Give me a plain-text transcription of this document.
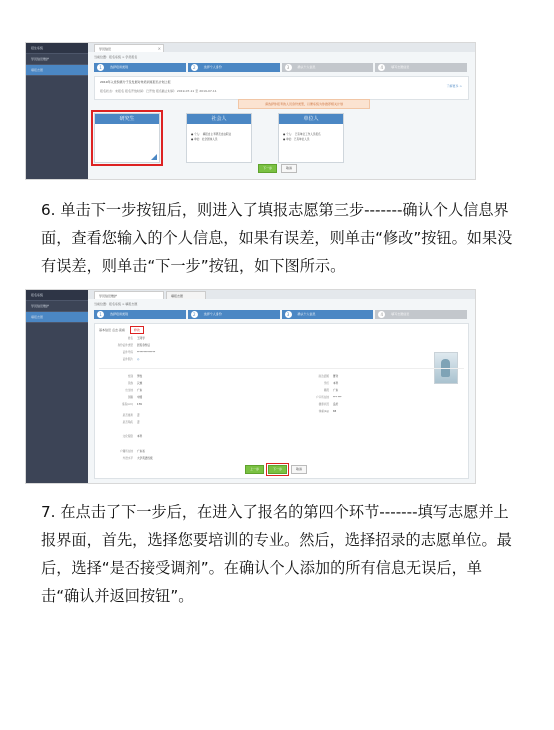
招生系统
学员信息维护
填报志愿
学员信息	×
当前位置：报名系统 > 学员报名
1	选择培训类别	2	选择个人身份	3	确认个人信息	4	填写志愿信息
2019年入党积极分子及发展对象培训班报名计划上报
报名状态：未报名 报名开放时间：已开放 报名截止时间：2019-07-11 至 2019-07-11
了解更多 >
请选择你报考的人员身份类型，以便系统为你推荐相关计划
研究生	社会人
● 个人： 填报自主考研及自由职业
● 单位：社会团体人员
单位人
● 个人： 已有单位工作人员报名
● 单位：已有单位人员
下一步	取消

6. 单击下一步按钮后，则进入了填报志愿第三步-------确认个人信息界面，查看您输入的个人信息，如果有误差，则单击“修改”按钮。如果没有误差，则单击“下一步”按钮，如下图所示。

报名系统
学员信息维护
填报志愿
学员信息维护	填报志愿
当前位置：报名系统 > 填报志愿
1	选择培训类别	2	选择个人身份	3	确认个人信息	4	填写志愿信息
基本信息 点击·查看	修改
姓名 王同学
身份证件类型 居民身份证
证件号码 **************
证件照片 ◎
性别 男性
民族 汉族
出生地 广东
国籍 中国
身高(cm) 176
是否婚育 否
是否残疾 否
文化程度 本科
户籍所在地 广东省
外语水平 大学英语四级
政治面貌 群众
学历 本科
籍贯 广东
户口所在地 *** ***
健康状况 良好
体重(kg) 65
上一步	下一步	取消

7. 在点击了下一步后，在进入了报名的第四个环节-------填写志愿并上报界面，首先，选择您要培训的专业。然后，选择招录的志愿单位。最后，选择“是否接受调剂”。在确认个人添加的所有信息无误后，单击“确认并返回按钮”。
